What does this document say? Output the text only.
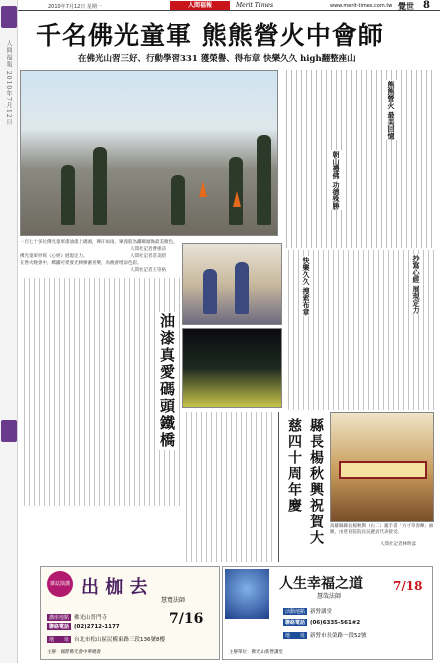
人間福報 2010年7月12日
2010年7月12日 星期一	人間福報	Merit Times	www.merit-times.com.tw 覺世 8
千名佛光童軍 熊熊營火中會師
在佛光山習三好、行動學習331 獲榮譽、得布章 快樂久久 high翻整座山
一百七十多位佛光童軍漆油漆上碼頭，揮汗如雨，眾義般為鐵碼頭換最美顏色。
人間社記者曹惠詩
佛光童軍抄寫《心經》展現定力。	人間社記者莊美昭
在營火晚會中，綁鐵可愛發光棒揮灑喜樂，為晚會增添色彩。
人間社記者王崇裕
熊熊營火 最美回憶
朝山禮佛 功德殊勝
油漆真愛碼頭鐵橋
抄寫心經 展現定力
快樂久久 搜索布章
縣長楊秋興祝賀大慈四十周年慶
高雄縣縣長楊秋興（右二）親手書「方寸草春暉」匾額，由慈育院院長吳麗貞代表接受。
人間社記者林明彥
雜誌演講 出 枷 去
慧寬法師
7/16
講座地點 佛光山普門寺
聯絡電話 (02)2712-1177
地　　址 台北市松山區民權東路三段136號8樓
主辦：國際佛光會中華總會
人生幸福之道
慧哉法師
7/18
活動地點 新營講堂
聯絡電話 (06)6335-561#2
地　　址 新營市長榮路一段52號
主辦單位：佛光山新營講堂
